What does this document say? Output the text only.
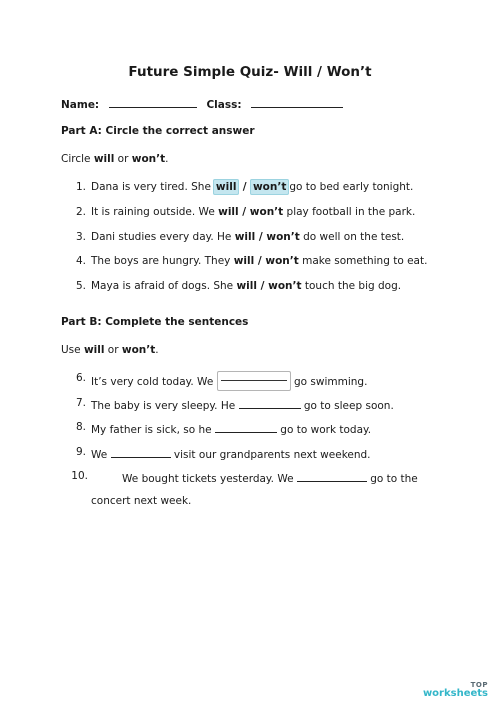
Future Simple Quiz- Will / Won’t
Name:	Class:
Part A: Circle the correct answer
Circle will or won’t.
1. Dana is very tired. She will / won’t go to bed early tonight.
2. It is raining outside. We will / won’t play football in the park.
3. Dani studies every day. He will / won’t do well on the test.
4. The boys are hungry. They will / won’t make something to eat.
5. Maya is afraid of dogs. She will / won’t touch the big dog.
Part B: Complete the sentences
Use will or won’t.
6. It’s very cold today. We	go swimming.
7. The baby is very sleepy. He	go to sleep soon.
8. My father is sick, so he	go to work today.
9. We	visit our grandparents next weekend.
10.	We bought tickets yesterday. We	go to the
concert next week.
TOP
worksheets
